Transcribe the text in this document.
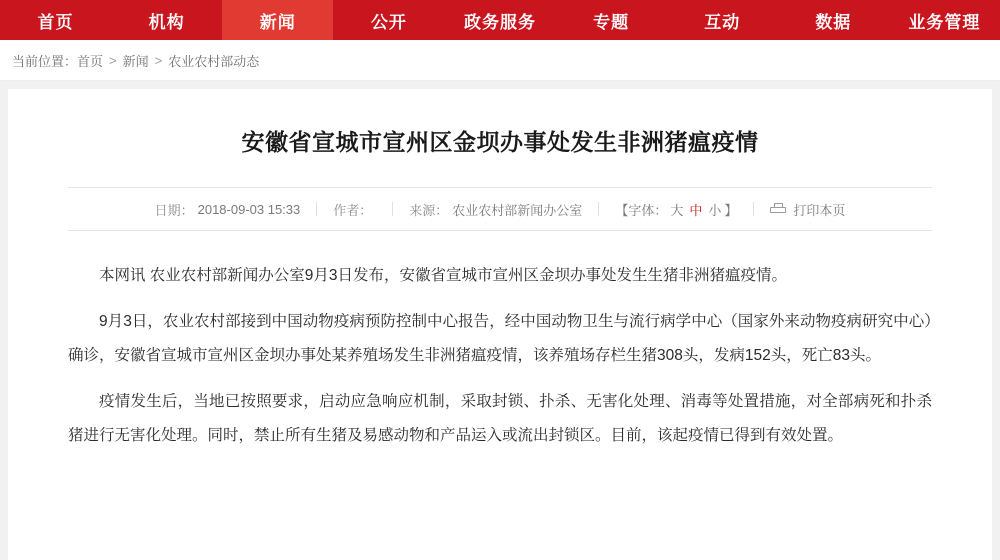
首页	机构	新闻	公开	政务服务	专题	互动	数据	业务管理
当前位置： 首页 > 新闻 > 农业农村部动态
安徽省宣城市宣州区金坝办事处发生非洲猪瘟疫情
日期： 2018-09-03 15:33	作者：	来源： 农业农村部新闻办公室	【字体： 大 中 小 】	打印本页

本网讯 农业农村部新闻办公室9月3日发布，安徽省宣城市宣州区金坝办事处发生生猪非洲猪瘟疫情。

9月3日，农业农村部接到中国动物疫病预防控制中心报告，经中国动物卫生与流行病学中心（国家外来动物疫病研究中心）确诊，安徽省宣城市宣州区金坝办事处某养殖场发生非洲猪瘟疫情，该养殖场存栏生猪308头，发病152头，死亡83头。

疫情发生后，当地已按照要求，启动应急响应机制，采取封锁、扑杀、无害化处理、消毒等处置措施，对全部病死和扑杀猪进行无害化处理。同时，禁止所有生猪及易感动物和产品运入或流出封锁区。目前，该起疫情已得到有效处置。
